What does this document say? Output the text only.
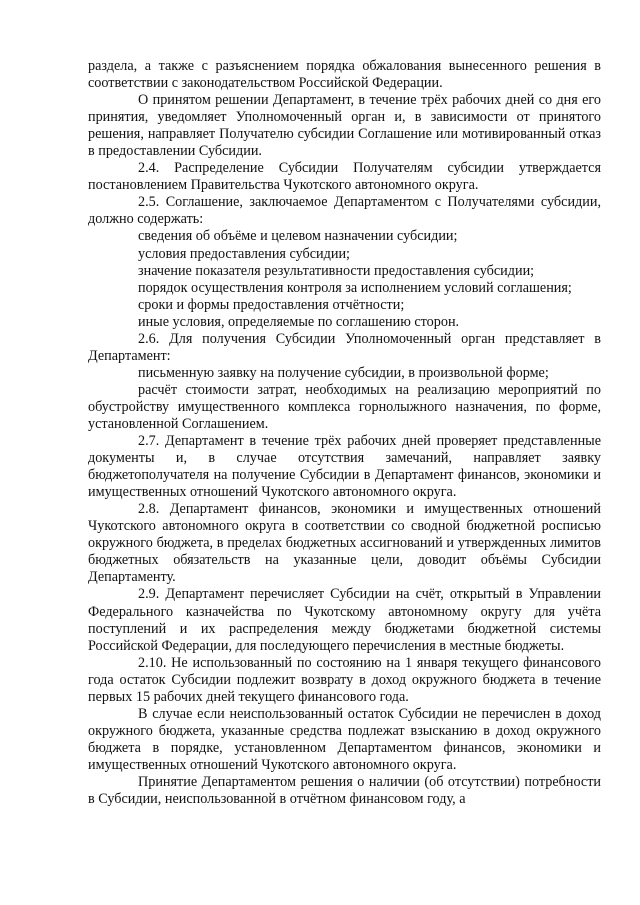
раздела, а также с разъяснением порядка обжалования вынесенного решения в соответствии с законодательством Российской Федерации.

О принятом решении Департамент, в течение трёх рабочих дней со дня его принятия, уведомляет Уполномоченный орган и, в зависимости от принятого решения, направляет Получателю субсидии Соглашение или мотивированный отказ в предоставлении Субсидии.

2.4. Распределение Субсидии Получателям субсидии утверждается постановлением Правительства Чукотского автономного округа.

2.5. Соглашение, заключаемое Департаментом с Получателями субсидии, должно содержать:

сведения об объёме и целевом назначении субсидии;

условия предоставления субсидии;

значение показателя результативности предоставления субсидии;

порядок осуществления контроля за исполнением условий соглашения;

сроки и формы предоставления отчётности;

иные условия, определяемые по соглашению сторон.

2.6. Для получения Субсидии Уполномоченный орган представляет в Департамент:

письменную заявку на получение субсидии, в произвольной форме;

расчёт стоимости затрат, необходимых на реализацию мероприятий по обустройству имущественного комплекса горнолыжного назначения, по форме, установленной Соглашением.

2.7. Департамент в течение трёх рабочих дней проверяет представленные документы и, в случае отсутствия замечаний, направляет заявку бюджетополучателя на получение Субсидии в Департамент финансов, экономики и имущественных отношений Чукотского автономного округа.

2.8. Департамент финансов, экономики и имущественных отношений Чукотского автономного округа в соответствии со сводной бюджетной росписью окружного бюджета, в пределах бюджетных ассигнований и утвержденных лимитов бюджетных обязательств на указанные цели, доводит объёмы Субсидии Департаменту.

2.9. Департамент перечисляет Субсидии на счёт, открытый в Управлении Федерального казначейства по Чукотскому автономному округу для учёта поступлений и их распределения между бюджетами бюджетной системы Российской Федерации, для последующего перечисления в местные бюджеты.

2.10. Не использованный по состоянию на 1 января текущего финансового года остаток Субсидии подлежит возврату в доход окружного бюджета в течение первых 15 рабочих дней текущего финансового года.

В случае если неиспользованный остаток Субсидии не перечислен в доход окружного бюджета, указанные средства подлежат взысканию в доход окружного бюджета в порядке, установленном Департаментом финансов, экономики и имущественных отношений Чукотского автономного округа.

Принятие Департаментом решения о наличии (об отсутствии) потребности в Субсидии, неиспользованной в отчётном финансовом году, а
